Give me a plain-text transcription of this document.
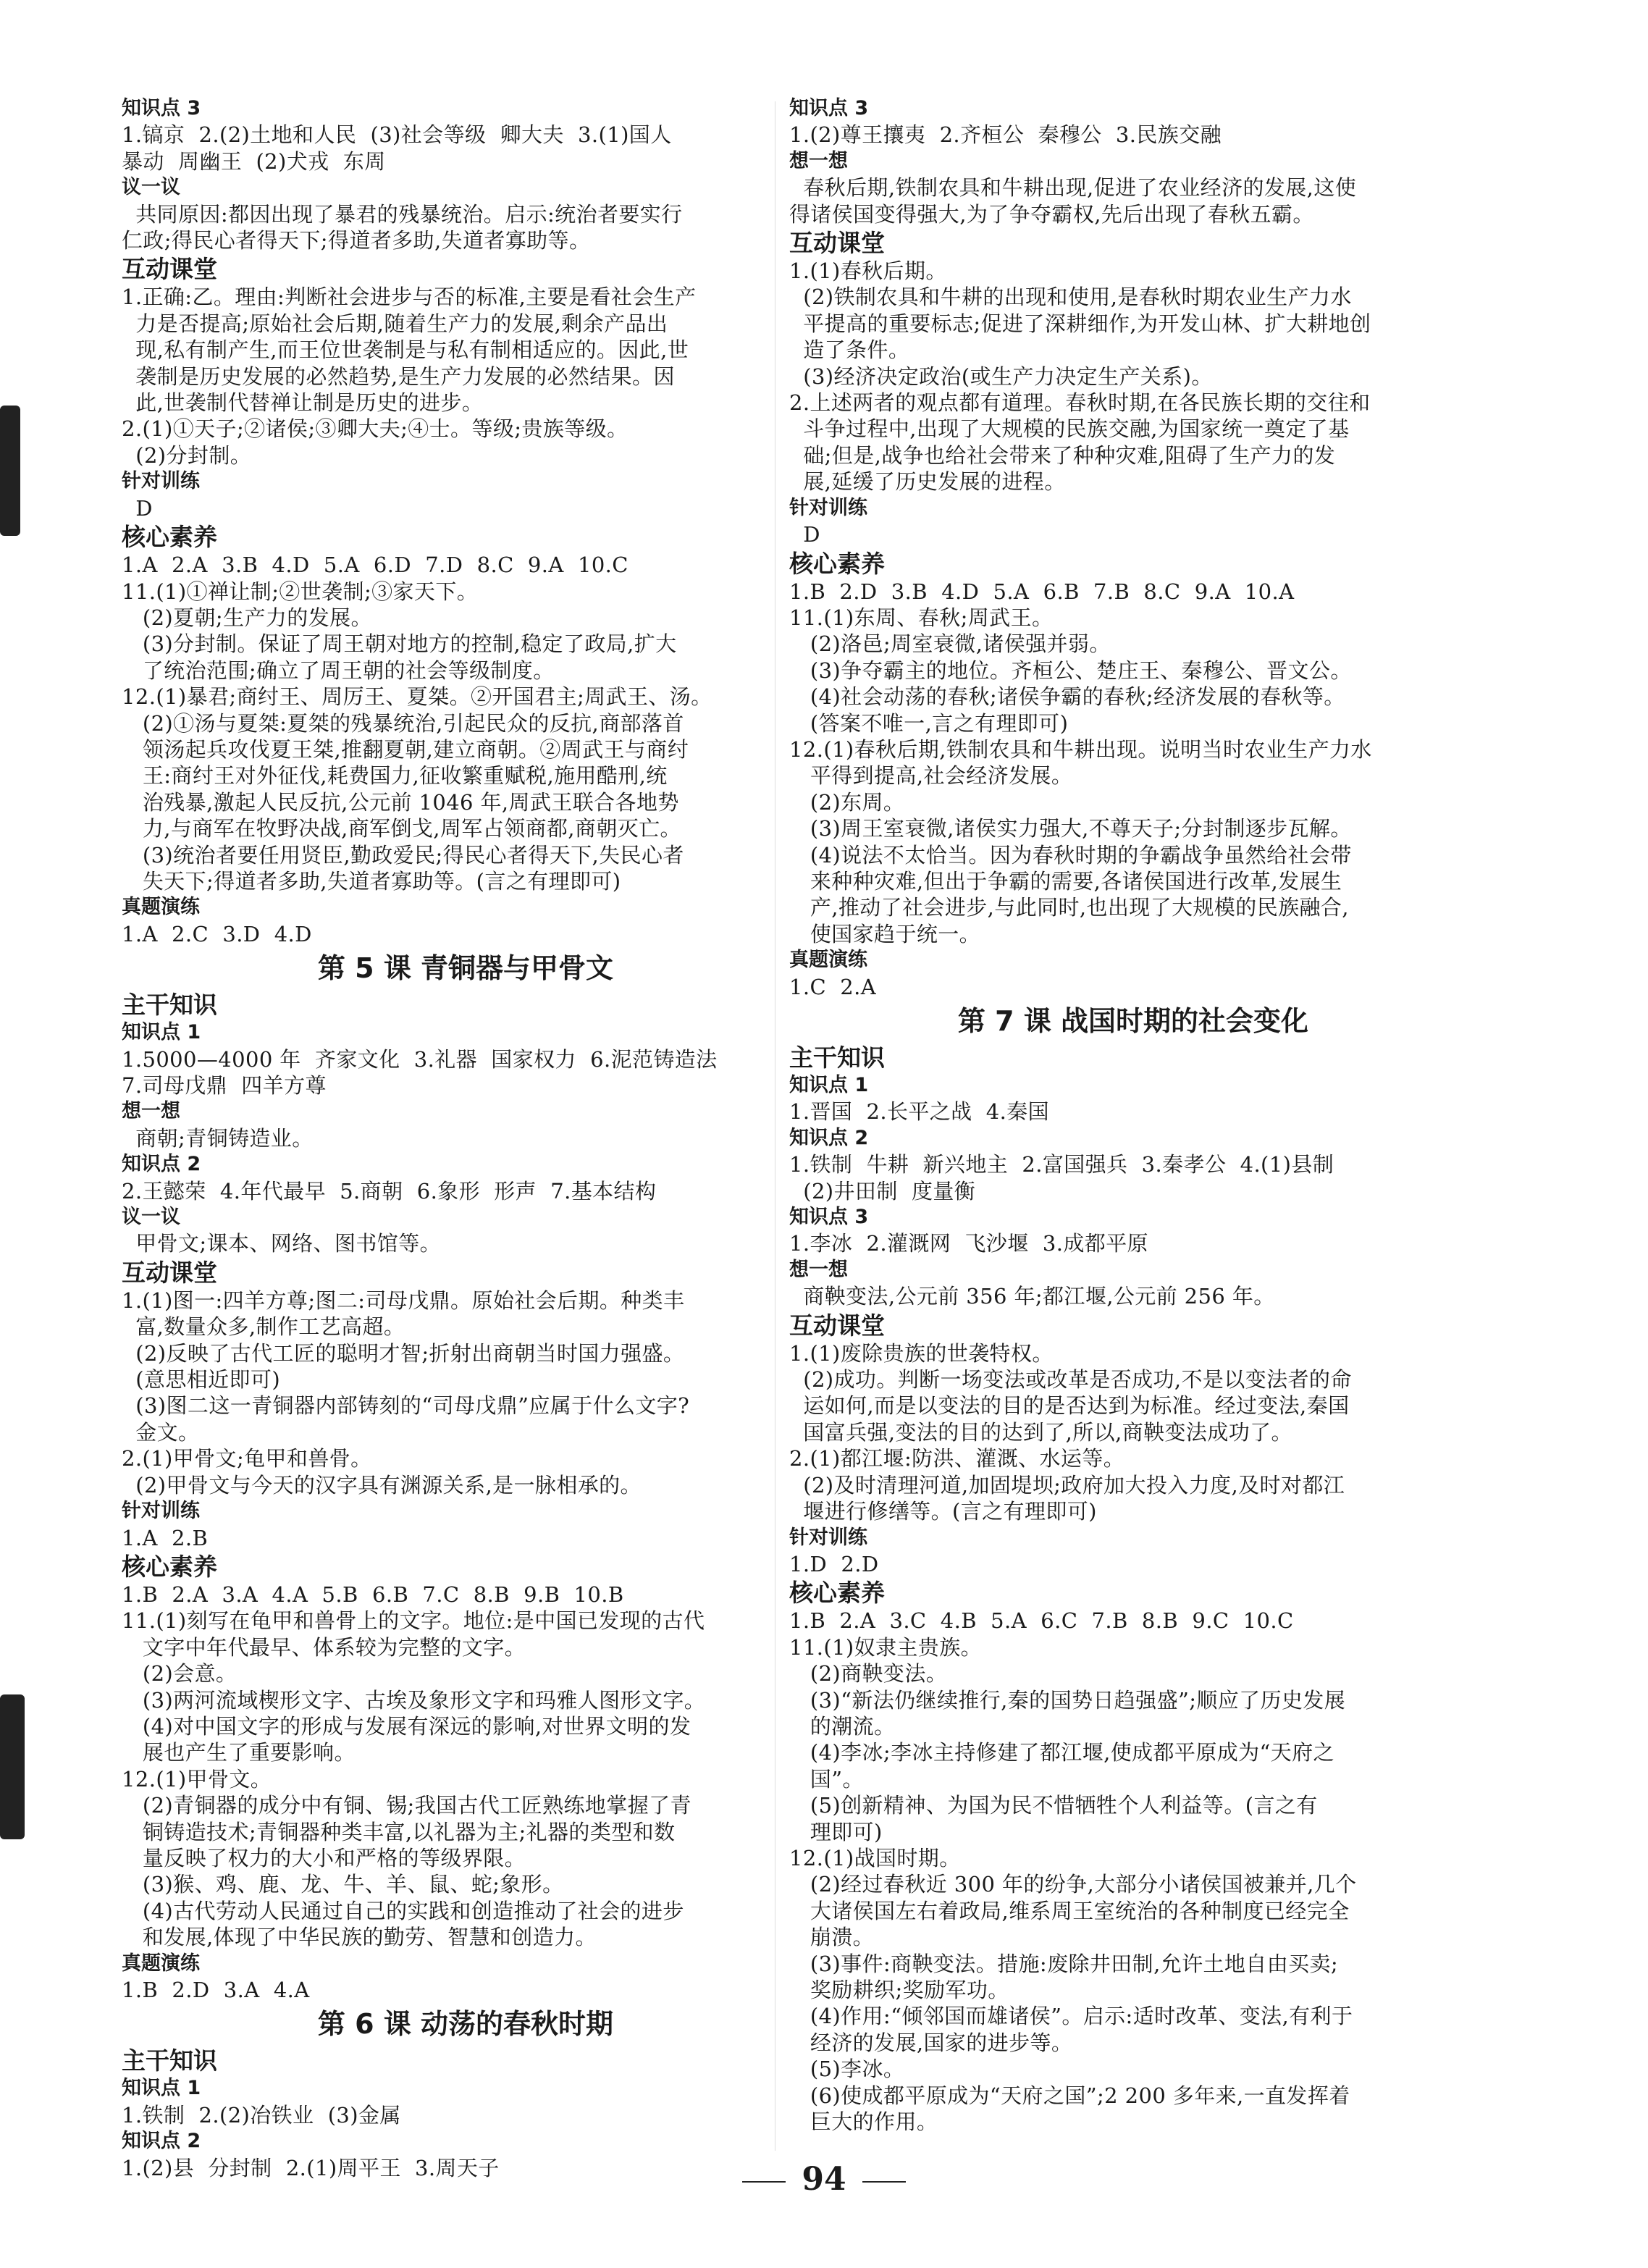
知识点 3
1.镐京  2.(2)土地和人民  (3)社会等级  卿大夫  3.(1)国人
暴动  周幽王  (2)犬戎  东周
议一议
共同原因:都因出现了暴君的残暴统治。启示:统治者要实行
仁政;得民心者得天下;得道者多助,失道者寡助等。
互动课堂
1.正确:乙。理由:判断社会进步与否的标准,主要是看社会生产
力是否提高;原始社会后期,随着生产力的发展,剩余产品出
现,私有制产生,而王位世袭制是与私有制相适应的。因此,世
袭制是历史发展的必然趋势,是生产力发展的必然结果。因
此,世袭制代替禅让制是历史的进步。
2.(1)①天子;②诸侯;③卿大夫;④士。等级;贵族等级。
(2)分封制。
针对训练
D
核心素养
1.A  2.A  3.B  4.D  5.A  6.D  7.D  8.C  9.A  10.C
11.(1)①禅让制;②世袭制;③家天下。
(2)夏朝;生产力的发展。
(3)分封制。保证了周王朝对地方的控制,稳定了政局,扩大
了统治范围;确立了周王朝的社会等级制度。
12.(1)暴君;商纣王、周厉王、夏桀。②开国君主;周武王、汤。
(2)①汤与夏桀:夏桀的残暴统治,引起民众的反抗,商部落首
领汤起兵攻伐夏王桀,推翻夏朝,建立商朝。②周武王与商纣
王:商纣王对外征伐,耗费国力,征收繁重赋税,施用酷刑,统
治残暴,激起人民反抗,公元前 1046 年,周武王联合各地势
力,与商军在牧野决战,商军倒戈,周军占领商都,商朝灭亡。
(3)统治者要任用贤臣,勤政爱民;得民心者得天下,失民心者
失天下;得道者多助,失道者寡助等。(言之有理即可)
真题演练
1.A  2.C  3.D  4.D
第 5 课 青铜器与甲骨文
主干知识
知识点 1
1.5000—4000 年  齐家文化  3.礼器  国家权力  6.泥范铸造法
7.司母戊鼎  四羊方尊
想一想
商朝;青铜铸造业。
知识点 2
2.王懿荣  4.年代最早  5.商朝  6.象形  形声  7.基本结构
议一议
甲骨文;课本、网络、图书馆等。
互动课堂
1.(1)图一:四羊方尊;图二:司母戊鼎。原始社会后期。种类丰
富,数量众多,制作工艺高超。
(2)反映了古代工匠的聪明才智;折射出商朝当时国力强盛。
(意思相近即可)
(3)图二这一青铜器内部铸刻的“司母戊鼎”应属于什么文字?
金文。
2.(1)甲骨文;龟甲和兽骨。
(2)甲骨文与今天的汉字具有渊源关系,是一脉相承的。
针对训练
1.A  2.B
核心素养
1.B  2.A  3.A  4.A  5.B  6.B  7.C  8.B  9.B  10.B
11.(1)刻写在龟甲和兽骨上的文字。地位:是中国已发现的古代
文字中年代最早、体系较为完整的文字。
(2)会意。
(3)两河流域楔形文字、古埃及象形文字和玛雅人图形文字。
(4)对中国文字的形成与发展有深远的影响,对世界文明的发
展也产生了重要影响。
12.(1)甲骨文。
(2)青铜器的成分中有铜、锡;我国古代工匠熟练地掌握了青
铜铸造技术;青铜器种类丰富,以礼器为主;礼器的类型和数
量反映了权力的大小和严格的等级界限。
(3)猴、鸡、鹿、龙、牛、羊、鼠、蛇;象形。
(4)古代劳动人民通过自己的实践和创造推动了社会的进步
和发展,体现了中华民族的勤劳、智慧和创造力。
真题演练
1.B  2.D  3.A  4.A
第 6 课 动荡的春秋时期
主干知识
知识点 1
1.铁制  2.(2)冶铁业  (3)金属
知识点 2
1.(2)县  分封制  2.(1)周平王  3.周天子
知识点 3
1.(2)尊王攘夷  2.齐桓公  秦穆公  3.民族交融
想一想
春秋后期,铁制农具和牛耕出现,促进了农业经济的发展,这使
得诸侯国变得强大,为了争夺霸权,先后出现了春秋五霸。
互动课堂
1.(1)春秋后期。
(2)铁制农具和牛耕的出现和使用,是春秋时期农业生产力水
平提高的重要标志;促进了深耕细作,为开发山林、扩大耕地创
造了条件。
(3)经济决定政治(或生产力决定生产关系)。
2.上述两者的观点都有道理。春秋时期,在各民族长期的交往和
斗争过程中,出现了大规模的民族交融,为国家统一奠定了基
础;但是,战争也给社会带来了种种灾难,阻碍了生产力的发
展,延缓了历史发展的进程。
针对训练
D
核心素养
1.B  2.D  3.B  4.D  5.A  6.B  7.B  8.C  9.A  10.A
11.(1)东周、春秋;周武王。
(2)洛邑;周室衰微,诸侯强并弱。
(3)争夺霸主的地位。齐桓公、楚庄王、秦穆公、晋文公。
(4)社会动荡的春秋;诸侯争霸的春秋;经济发展的春秋等。
(答案不唯一,言之有理即可)
12.(1)春秋后期,铁制农具和牛耕出现。说明当时农业生产力水
平得到提高,社会经济发展。
(2)东周。
(3)周王室衰微,诸侯实力强大,不尊天子;分封制逐步瓦解。
(4)说法不太恰当。因为春秋时期的争霸战争虽然给社会带
来种种灾难,但出于争霸的需要,各诸侯国进行改革,发展生
产,推动了社会进步,与此同时,也出现了大规模的民族融合,
使国家趋于统一。
真题演练
1.C  2.A
第 7 课 战国时期的社会变化
主干知识
知识点 1
1.晋国  2.长平之战  4.秦国
知识点 2
1.铁制  牛耕  新兴地主  2.富国强兵  3.秦孝公  4.(1)县制
(2)井田制  度量衡
知识点 3
1.李冰  2.灌溉网  飞沙堰  3.成都平原
想一想
商鞅变法,公元前 356 年;都江堰,公元前 256 年。
互动课堂
1.(1)废除贵族的世袭特权。
(2)成功。判断一场变法或改革是否成功,不是以变法者的命
运如何,而是以变法的目的是否达到为标准。经过变法,秦国
国富兵强,变法的目的达到了,所以,商鞅变法成功了。
2.(1)都江堰:防洪、灌溉、水运等。
(2)及时清理河道,加固堤坝;政府加大投入力度,及时对都江
堰进行修缮等。(言之有理即可)
针对训练
1.D  2.D
核心素养
1.B  2.A  3.C  4.B  5.A  6.C  7.B  8.B  9.C  10.C
11.(1)奴隶主贵族。
(2)商鞅变法。
(3)“新法仍继续推行,秦的国势日趋强盛”;顺应了历史发展
的潮流。
(4)李冰;李冰主持修建了都江堰,使成都平原成为“天府之
国”。
(5)创新精神、为国为民不惜牺牲个人利益等。(言之有
理即可)
12.(1)战国时期。
(2)经过春秋近 300 年的纷争,大部分小诸侯国被兼并,几个
大诸侯国左右着政局,维系周王室统治的各种制度已经完全
崩溃。
(3)事件:商鞅变法。措施:废除井田制,允许土地自由买卖;
奖励耕织;奖励军功。
(4)作用:“倾邻国而雄诸侯”。启示:适时改革、变法,有利于
经济的发展,国家的进步等。
(5)李冰。
(6)使成都平原成为“天府之国”;2 200 多年来,一直发挥着
巨大的作用。
94
